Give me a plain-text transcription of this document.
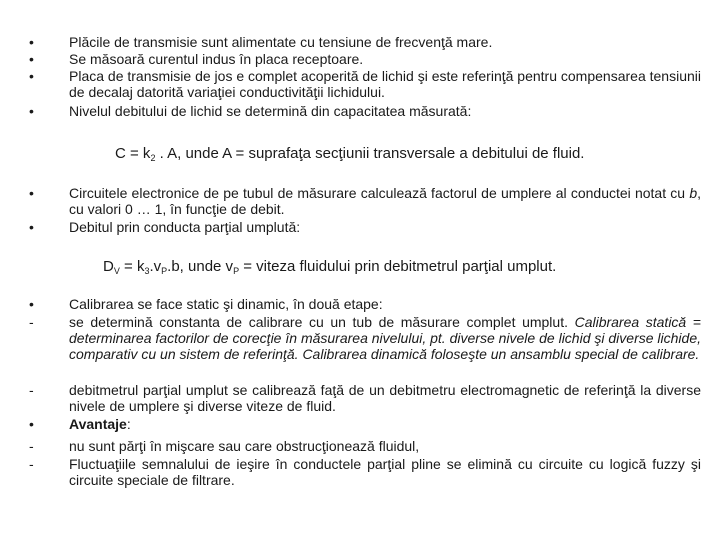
•	Plăcile de transmisie sunt alimentate cu tensiune de frecvenţă mare.
•	Se măsoară curentul indus în placa receptoare.
•	Placa de transmisie de jos e complet acoperită de lichid şi este referinţă pentru compensarea tensiunii de decalaj datorită variaţiei conductivităţii lichidului.
•	Nivelul debitului de lichid se determină din capacitatea măsurată:
$C = k_2$ . A, unde A = suprafaţa secţiunii transversale a debitului de fluid.
•	Circuitele electronice de pe tubul de măsurare calculează factorul de umplere al conductei notat cu b, cu valori 0 … 1, în funcţie de debit.
•	Debitul prin conducta parţial umplută:
$D_V = k_3.v_P.b$, unde $v_P$ = viteza fluidului prin debitmetrul parţial umplut.
•	Calibrarea se face static şi dinamic, în două etape:
-	se determină constanta de calibrare cu un tub de măsurare complet umplut. Calibrarea statică = determinarea factorilor de corecţie în măsurarea nivelului, pt. diverse nivele de lichid şi diverse lichide, comparativ cu un sistem de referinţă. Calibrarea dinamică foloseşte un ansamblu special de calibrare.
-	debitmetrul parţial umplut se calibrează faţă de un debitmetru electromagnetic de referinţă la diverse nivele de umplere şi diverse viteze de fluid.
•	Avantaje:
-	nu sunt părţi în mişcare sau care obstrucţionează fluidul,
-	Fluctuaţiile semnalului de ieşire în conductele parţial pline se elimină cu circuite cu logică fuzzy şi circuite speciale de filtrare.
